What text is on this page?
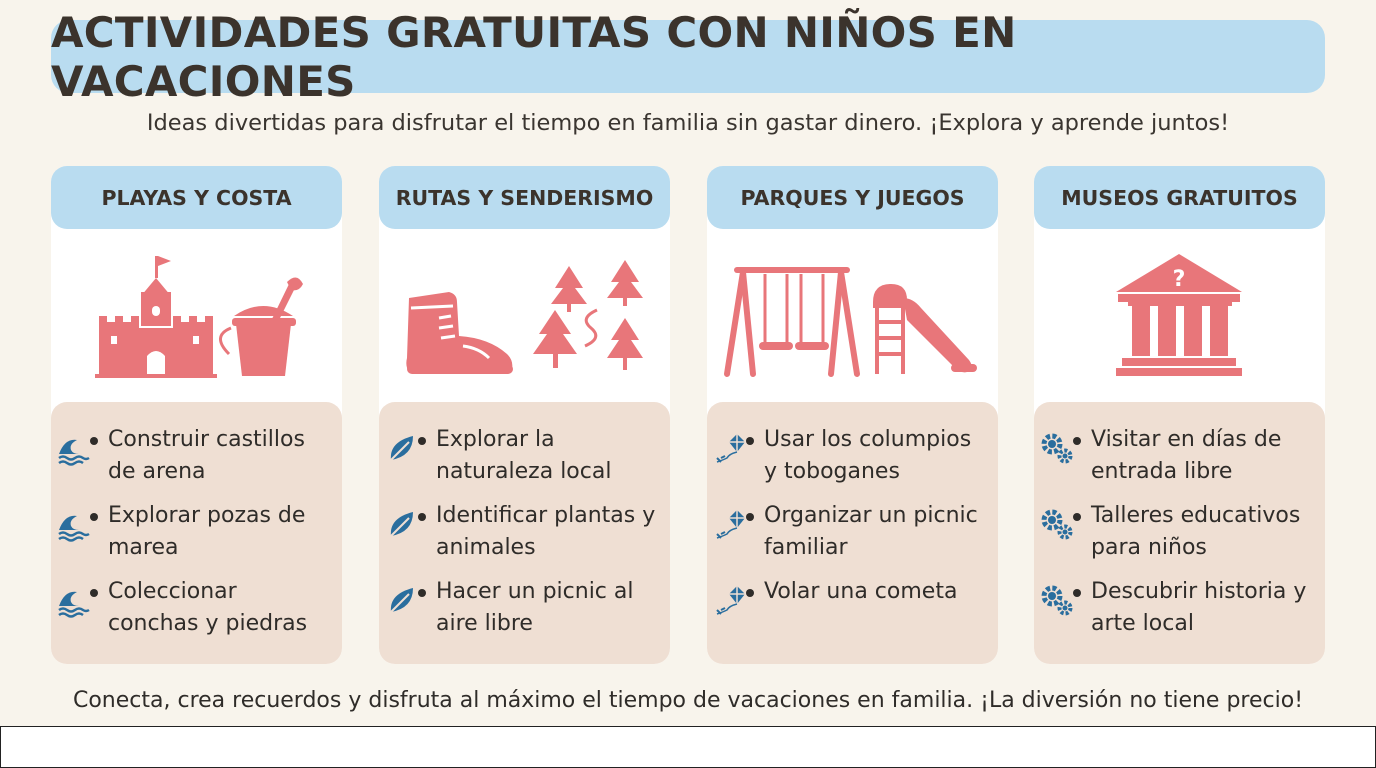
ACTIVIDADES GRATUITAS CON NIÑOS EN VACACIONES
Ideas divertidas para disfrutar el tiempo en familia sin gastar dinero. ¡Explora y aprende juntos!
PLAYAS Y COSTA
Construir castillos
de arena
Explorar pozas de
marea
Coleccionar
conchas y piedras
RUTAS Y SENDERISMO
Explorar la
naturaleza local
Identificar plantas y
animales
Hacer un picnic al
aire libre
PARQUES Y JUEGOS
Usar los columpios
y toboganes
Organizar un picnic
familiar
Volar una cometa

MUSEOS GRATUITOS
?
Visitar en días de
entrada libre
Talleres educativos
para niños
Descubrir historia y
arte local
Conecta, crea recuerdos y disfruta al máximo el tiempo de vacaciones en familia. ¡La diversión no tiene precio!
